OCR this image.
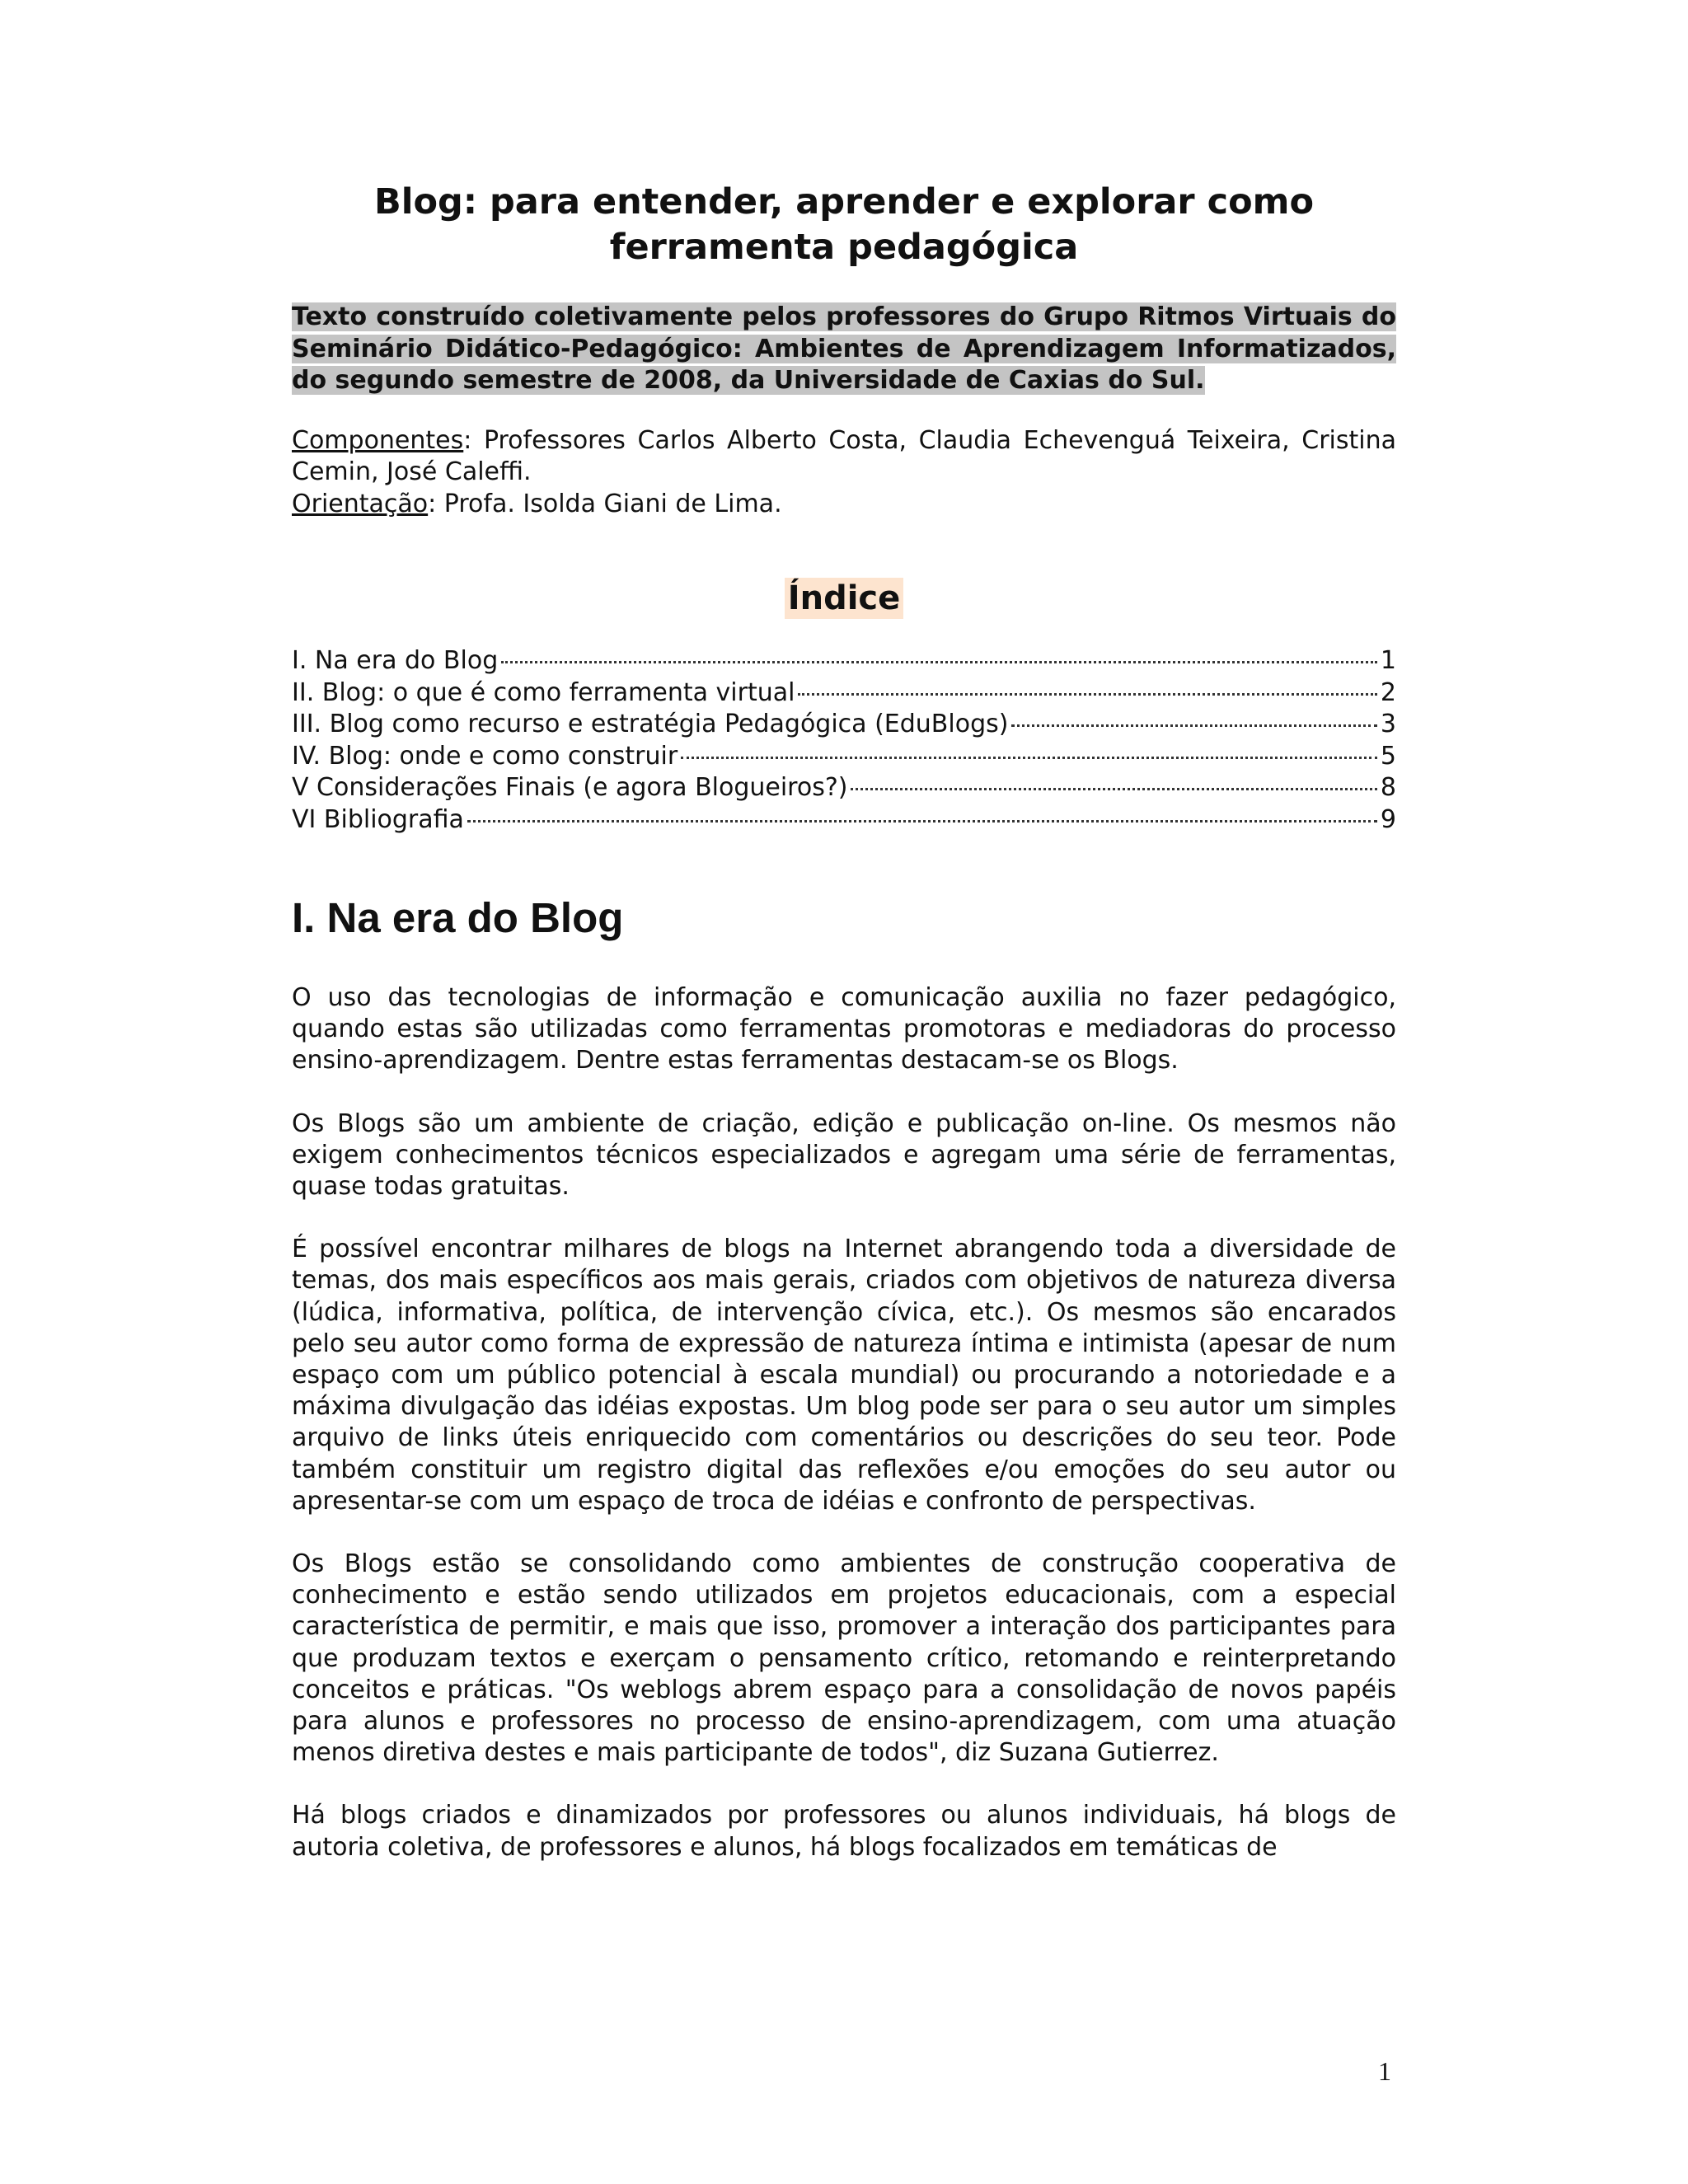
Blog: para entender, aprender e explorar como
ferramenta pedagógica

Texto construído coletivamente pelos professores do Grupo Ritmos Virtuais do Seminário Didático-Pedagógico: Ambientes de Aprendizagem Informatizados, do segundo semestre de 2008, da Universidade de Caxias do Sul.

Componentes: Professores Carlos Alberto Costa, Claudia Echevenguá Teixeira, Cristina Cemin, José Caleffi.

Orientação: Profa. Isolda Giani de Lima.

Índice
I. Na era do Blog	1
II. Blog: o que é como ferramenta virtual	2
III. Blog como recurso e estratégia Pedagógica (EduBlogs)	3
IV. Blog: onde e como construir	5
V Considerações Finais (e agora Blogueiros?)	8
VI Bibliografia	9
I. Na era do Blog

O uso das tecnologias de informação e comunicação auxilia no fazer pedagógico, quando estas são utilizadas como ferramentas promotoras e mediadoras do processo ensino-aprendizagem. Dentre estas ferramentas destacam-se os Blogs.

Os Blogs são um ambiente de criação, edição e publicação on-line. Os mesmos não exigem conhecimentos técnicos especializados e agregam uma série de ferramentas, quase todas gratuitas.

É possível encontrar milhares de blogs na Internet abrangendo toda a diversidade de temas, dos mais específicos aos mais gerais, criados com objetivos de natureza diversa (lúdica, informativa, política, de intervenção cívica, etc.). Os mesmos são encarados pelo seu autor como forma de expressão de natureza íntima e intimista (apesar de num espaço com um público potencial à escala mundial) ou procurando a notoriedade e a máxima divulgação das idéias expostas. Um blog pode ser para o seu autor um simples arquivo de links úteis enriquecido com comentários ou descrições do seu teor. Pode também constituir um registro digital das reflexões e/ou emoções do seu autor ou apresentar-se com um espaço de troca de idéias e confronto de perspectivas.

Os Blogs estão se consolidando como ambientes de construção cooperativa de conhecimento e estão sendo utilizados em projetos educacionais, com a especial característica de permitir, e mais que isso, promover a interação dos participantes para que produzam textos e exerçam o pensamento crítico, retomando e reinterpretando conceitos e práticas. "Os weblogs abrem espaço para a consolidação de novos papéis para alunos e professores no processo de ensino-aprendizagem, com uma atuação menos diretiva destes e mais participante de todos", diz Suzana Gutierrez.

Há blogs criados e dinamizados por professores ou alunos individuais, há blogs de autoria coletiva, de professores e alunos, há blogs focalizados em temáticas de

1
